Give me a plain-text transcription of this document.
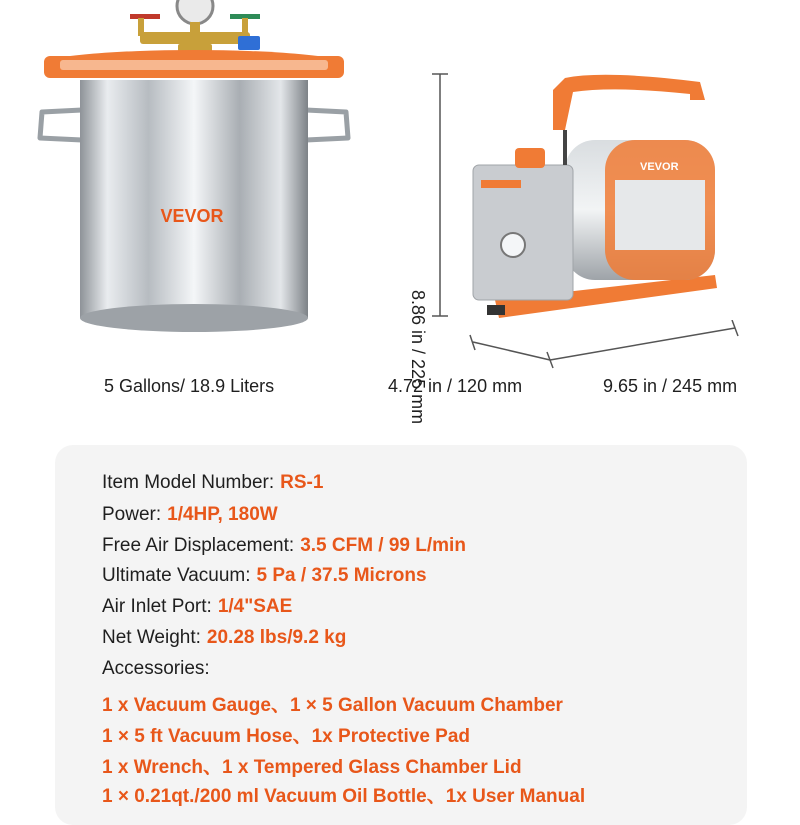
VEVOR
5 Gallons/ 18.9 Liters	8.86 in / 225 mm
VEVOR
4.72 in / 120 mm	9.65 in / 245 mm
Item Model Number: RS-1
Power: 1/4HP, 180W
Free Air Displacement: 3.5 CFM / 99 L/min
Ultimate Vacuum: 5 Pa / 37.5 Microns
Air Inlet Port: 1/4"SAE
Net Weight: 20.28 lbs/9.2 kg
Accessories:
1 x Vacuum Gauge、1 × 5 Gallon Vacuum Chamber
1 × 5 ft Vacuum Hose、1x Protective Pad
1 x Wrench、1 x Tempered Glass Chamber Lid
1 × 0.21qt./200 ml Vacuum Oil Bottle、1x User Manual
